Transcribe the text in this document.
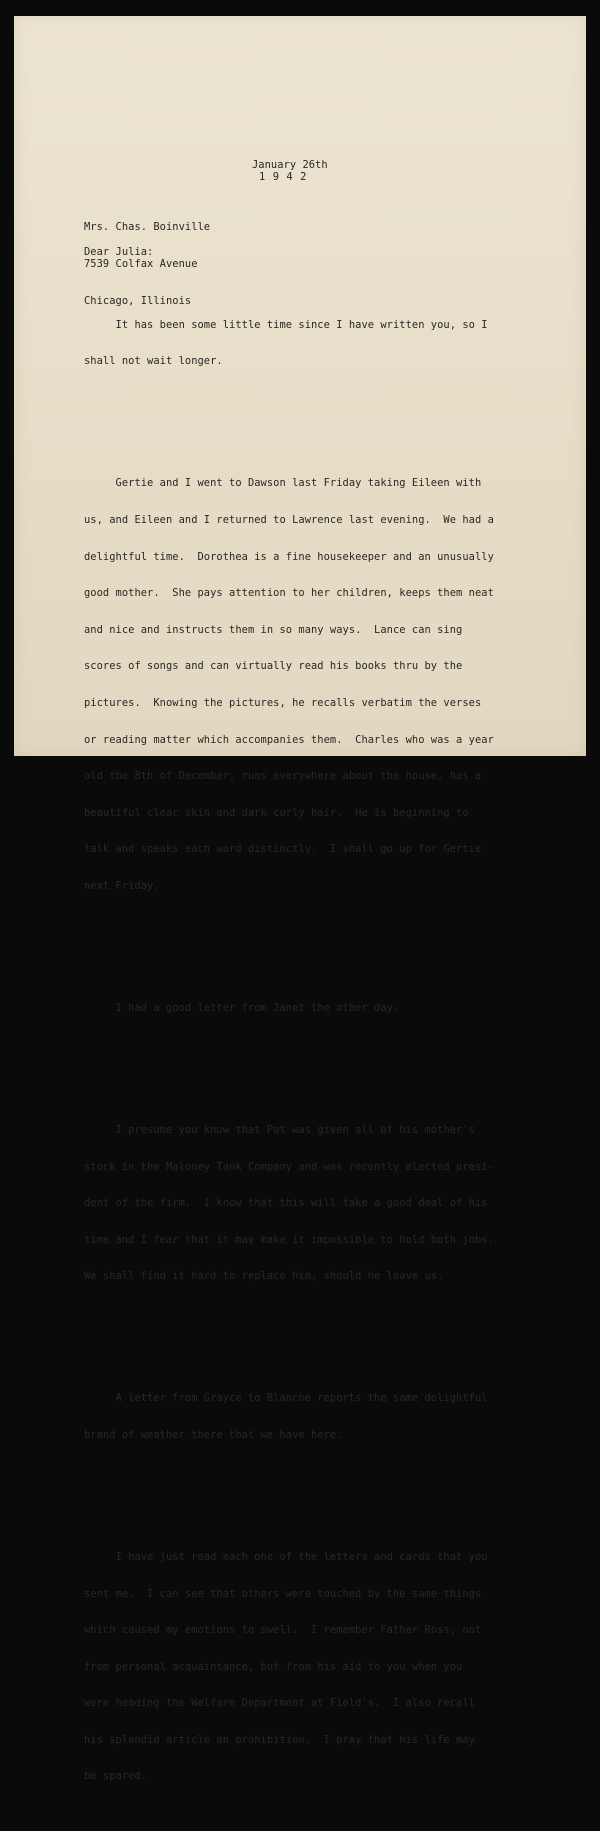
January 26th
1 9 4 2

Mrs. Chas. Boinville

7539 Colfax Avenue

Chicago, Illinois

Dear Julia:

It has been some little time since I have written you, so I

shall not wait longer.

Gertie and I went to Dawson last Friday taking Eileen with

us, and Eileen and I returned to Lawrence last evening.  We had a

delightful time.  Dorothea is a fine housekeeper and an unusually

good mother.  She pays attention to her children, keeps them neat

and nice and instructs them in so many ways.  Lance can sing

scores of songs and can virtually read his books thru by the

pictures.  Knowing the pictures, he recalls verbatim the verses

or reading matter which accompanies them.  Charles who was a year

old the 8th of December, runs everywhere about the house, has a

beautiful clear skin and dark curly hair.  He is beginning to

talk and speaks each word distinctly.  I shall go up for Gertie

next Friday.

I had a good letter from Janet the other day.

I presume you know that Pat was given all of his mother's

stock in the Maloney Tank Company and was recently elected presi-

dent of the firm.  I know that this will take a good deal of his

time and I fear that it may make it impossible to hold both jobs.

We shall find it hard to replace him, should he leave us.

A letter from Grayce to Blanche reports the same delightful

brand of weather there that we have here.

I have just read each one of the letters and cards that you

sent me.  I can see that others were touched by the same things

which caused my emotions to swell.  I remember Father Ross, not

from personal acquaintance, but from his aid to you when you

were heading the Welfare Department at Field's.  I also recall

his splendid article on prohibition.  I pray that his life may

be spared.
